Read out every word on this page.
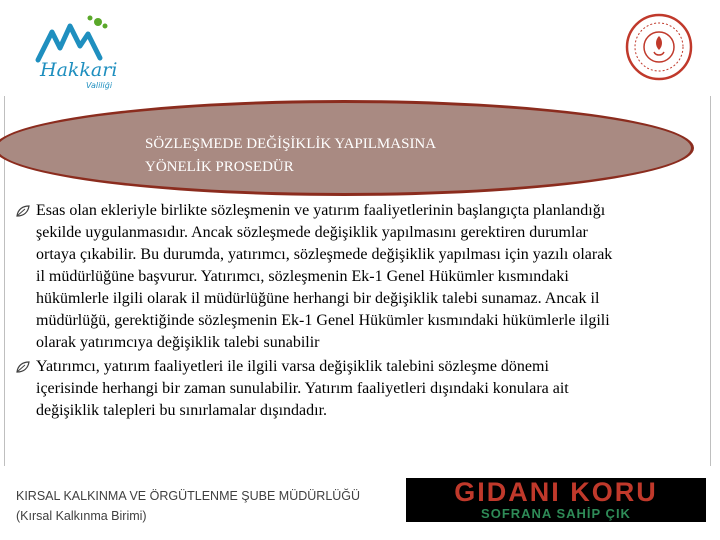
Hakkari
Valiliği
SÖZLEŞMEDE DEĞİŞİKLİK YAPILMASINA
YÖNELİK PROSEDÜR
Esas olan ekleriyle birlikte sözleşmenin ve yatırım faaliyetlerinin başlangıçta planlandığı
şekilde uygulanmasıdır. Ancak sözleşmede değişiklik yapılmasını gerektiren durumlar
ortaya çıkabilir. Bu durumda, yatırımcı, sözleşmede değişiklik yapılması için yazılı olarak
il müdürlüğüne başvurur. Yatırımcı, sözleşmenin Ek-1 Genel Hükümler kısmındaki
hükümlerle ilgili olarak il müdürlüğüne herhangi bir değişiklik talebi sunamaz. Ancak il
müdürlüğü, gerektiğinde sözleşmenin Ek-1 Genel Hükümler kısmındaki hükümlerle ilgili
olarak yatırımcıya değişiklik talebi sunabilir
Yatırımcı, yatırım faaliyetleri ile ilgili varsa değişiklik talebini sözleşme dönemi
içerisinde herhangi bir zaman sunulabilir. Yatırım faaliyetleri dışındaki konulara ait
değişiklik talepleri bu sınırlamalar dışındadır.
KIRSAL KALKINMA VE ÖRGÜTLENME ŞUBE MÜDÜRLÜĞÜ
(Kırsal Kalkınma Birimi)
GIDANI KORU
SOFRANA SAHİP ÇIK
